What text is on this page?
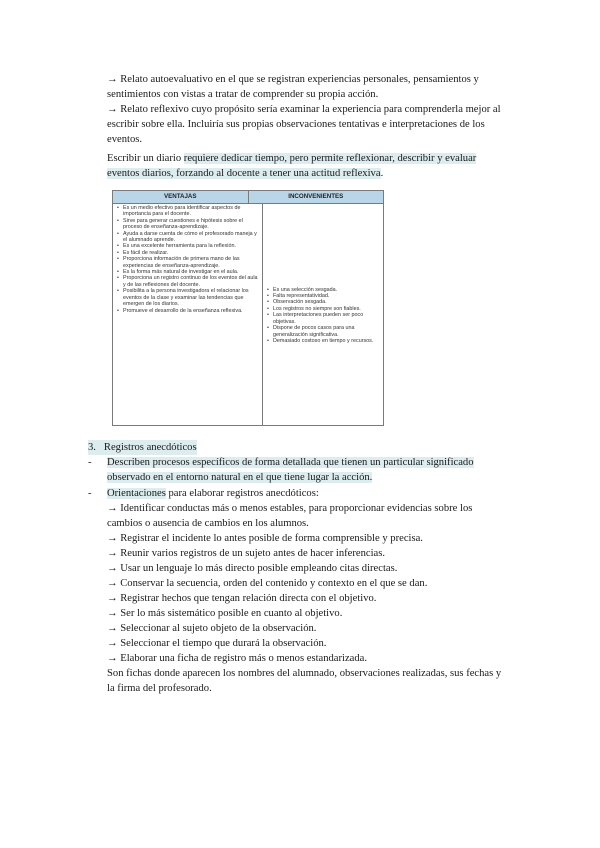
→ Relato autoevaluativo en el que se registran experiencias personales, pensamientos y

sentimientos con vistas a tratar de comprender su propia acción.

→ Relato reflexivo cuyo propósito sería examinar la experiencia para comprenderla mejor al

escribir sobre ella. Incluiría sus propias observaciones tentativas e interpretaciones de los

eventos.

Escribir un diario requiere dedicar tiempo, pero permite reflexionar, describir y evaluar

eventos diarios, forzando al docente a tener una actitud reflexiva.

VENTAJAS	INCONVENIENTES
• Es un medio efectivo para identificar aspectos de importancia para el docente.
• Sirve para generar cuestiones e hipótesis sobre el proceso de enseñanza-aprendizaje.
• Ayuda a darse cuenta de cómo el profesorado maneja y el alumnado aprende.
• Es una excelente herramienta para la reflexión.
• Es fácil de realizar.
• Proporciona información de primera mano de las experiencias de enseñanza-aprendizaje.
• Es la forma más natural de investigar en el aula.
• Proporciona un registro continuo de los eventos del aula y de las reflexiones del docente.
• Posibilita a la persona investigadora el relacionar los eventos de la clase y examinar las tendencias que emergen de los diarios.
• Promueve el desarrollo de la enseñanza reflexiva.
• Es una selección sesgada.
• Falta representatividad.
• Observación sesgada.
• Los registros no siempre son fiables.
• Las interpretaciones pueden ser poco objetivas.
• Dispone de pocos casos para una generalización significativa.
• Demasiado costoso en tiempo y recursos.

3. Registros anecdóticos

- Describen procesos específicos de forma detallada que tienen un particular significado

observado en el entorno natural en el que tiene lugar la acción.

- Orientaciones para elaborar registros anecdóticos:

→ Identificar conductas más o menos estables, para proporcionar evidencias sobre los

cambios o ausencia de cambios en los alumnos.

→ Registrar el incidente lo antes posible de forma comprensible y precisa.

→ Reunir varios registros de un sujeto antes de hacer inferencias.

→ Usar un lenguaje lo más directo posible empleando citas directas.

→ Conservar la secuencia, orden del contenido y contexto en el que se dan.

→ Registrar hechos que tengan relación directa con el objetivo.

→ Ser lo más sistemático posible en cuanto al objetivo.

→ Seleccionar al sujeto objeto de la observación.

→ Seleccionar el tiempo que durará la observación.

→ Elaborar una ficha de registro más o menos estandarizada.

Son fichas donde aparecen los nombres del alumnado, observaciones realizadas, sus fechas y

la firma del profesorado.
